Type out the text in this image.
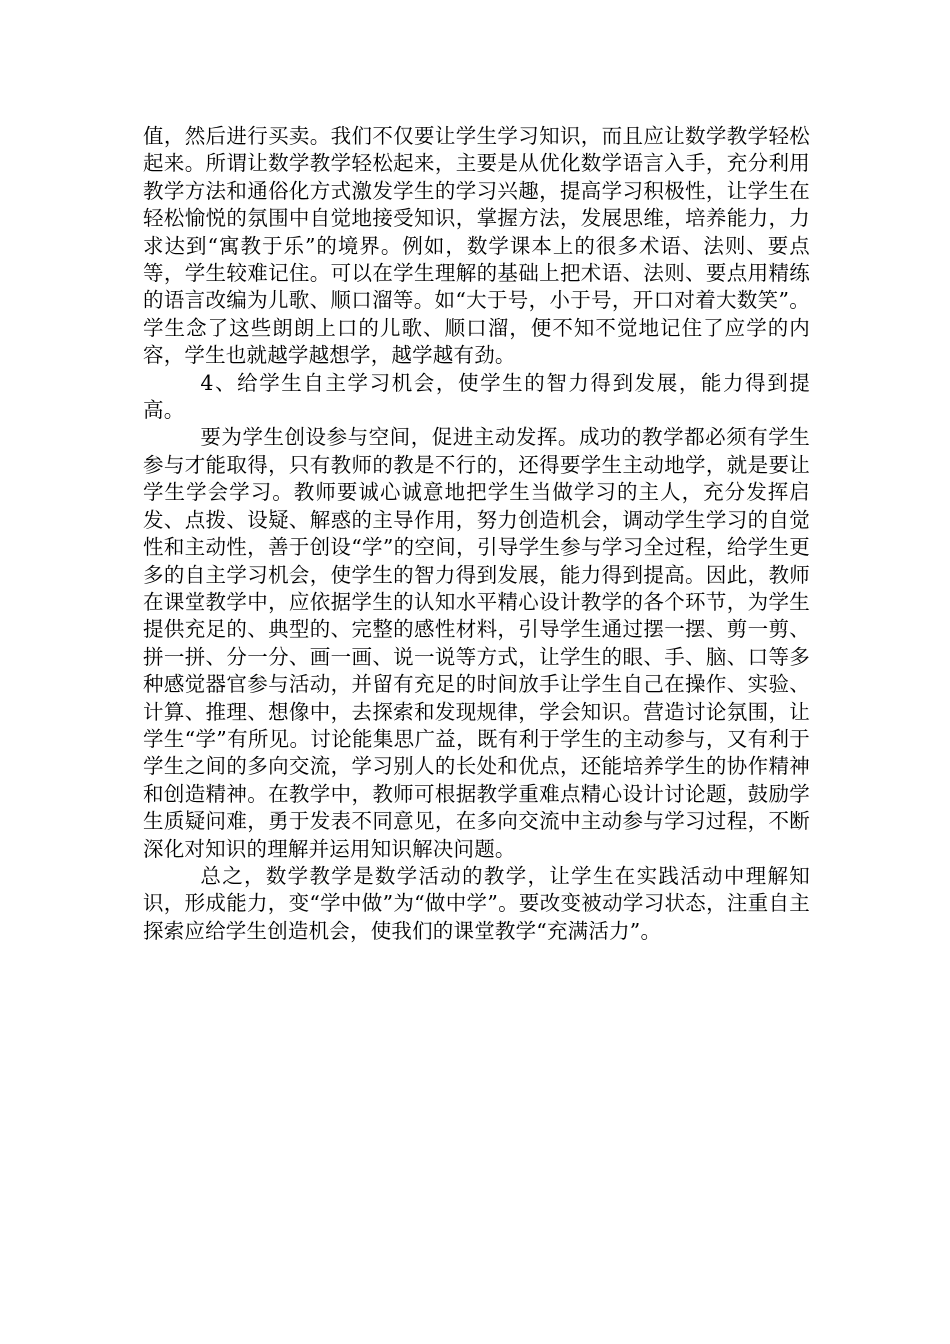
值，然后进行买卖。我们不仅要让学生学习知识，而且应让数学教学轻松起来。所谓让数学教学轻松起来，主要是从优化数学语言入手，充分利用教学方法和通俗化方式激发学生的学习兴趣，提高学习积极性，让学生在轻松愉悦的氛围中自觉地接受知识，掌握方法，发展思维，培养能力，力求达到“寓教于乐”的境界。例如，数学课本上的很多术语、法则、要点等，学生较难记住。可以在学生理解的基础上把术语、法则、要点用精练的语言改编为儿歌、顺口溜等。如“大于号，小于号，开口对着大数笑”。学生念了这些朗朗上口的儿歌、顺口溜，便不知不觉地记住了应学的内容，学生也就越学越想学，越学越有劲。

4、给学生自主学习机会，使学生的智力得到发展，能力得到提高。

要为学生创设参与空间，促进主动发挥。成功的教学都必须有学生参与才能取得，只有教师的教是不行的，还得要学生主动地学，就是要让学生学会学习。教师要诚心诚意地把学生当做学习的主人，充分发挥启发、点拨、设疑、解惑的主导作用，努力创造机会，调动学生学习的自觉性和主动性，善于创设“学”的空间，引导学生参与学习全过程，给学生更多的自主学习机会，使学生的智力得到发展，能力得到提高。因此，教师在课堂教学中，应依据学生的认知水平精心设计教学的各个环节，为学生提供充足的、典型的、完整的感性材料，引导学生通过摆一摆、剪一剪、拼一拼、分一分、画一画、说一说等方式，让学生的眼、手、脑、口等多种感觉器官参与活动，并留有充足的时间放手让学生自己在操作、实验、计算、推理、想像中，去探索和发现规律，学会知识。营造讨论氛围，让学生“学”有所见。讨论能集思广益，既有利于学生的主动参与，又有利于学生之间的多向交流，学习别人的长处和优点，还能培养学生的协作精神和创造精神。在教学中，教师可根据教学重难点精心设计讨论题，鼓励学生质疑问难，勇于发表不同意见，在多向交流中主动参与学习过程，不断深化对知识的理解并运用知识解决问题。

总之，数学教学是数学活动的教学，让学生在实践活动中理解知识，形成能力，变“学中做”为“做中学”。要改变被动学习状态，注重自主探索应给学生创造机会，使我们的课堂教学“充满活力”。
